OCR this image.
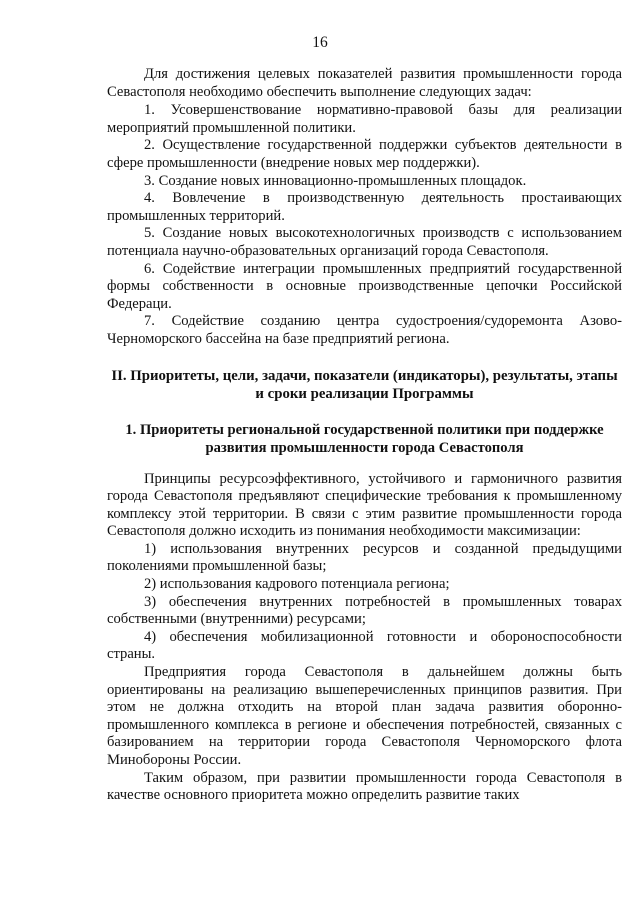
16

Для достижения целевых показателей развития промышленности города Севастополя необходимо обеспечить выполнение следующих задач:

1. Усовершенствование нормативно-правовой базы для реализации мероприятий промышленной политики.

2. Осуществление государственной поддержки субъектов деятельности в сфере промышленности (внедрение новых мер поддержки).

3. Создание новых инновационно-промышленных площадок.

4. Вовлечение в производственную деятельность простаивающих промышленных территорий.

5. Создание новых высокотехнологичных производств с использованием потенциала научно-образовательных организаций города Севастополя.

6. Содействие интеграции промышленных предприятий государственной формы собственности в основные производственные цепочки Российской Федераци.

7. Содействие созданию центра судостроения/судоремонта Азово-Черноморского бассейна на базе предприятий региона.

II. Приоритеты, цели, задачи, показатели (индикаторы), результаты, этапы и сроки реализации Программы
1. Приоритеты региональной государственной политики при поддержке развития промышленности города Севастополя

Принципы ресурсоэффективного, устойчивого и гармоничного развития города Севастополя предъявляют специфические требования к промышленному комплексу этой территории. В связи с этим развитие промышленности города Севастополя должно исходить из понимания необходимости максимизации:

1) использования внутренних ресурсов и созданной предыдущими поколениями промышленной базы;

2) использования кадрового потенциала региона;

3) обеспечения внутренних потребностей в промышленных товарах собственными (внутренними) ресурсами;

4) обеспечения мобилизационной готовности и обороноспособности страны.

Предприятия города Севастополя в дальнейшем должны быть ориентированы на реализацию вышеперечисленных принципов развития. При этом не должна отходить на второй план задача развития оборонно-промышленного комплекса в регионе и обеспечения потребностей, связанных с базированием на территории города Севастополя Черноморского флота Минобороны России.

Таким образом, при развитии промышленности города Севастополя в качестве основного приоритета можно определить развитие таких
